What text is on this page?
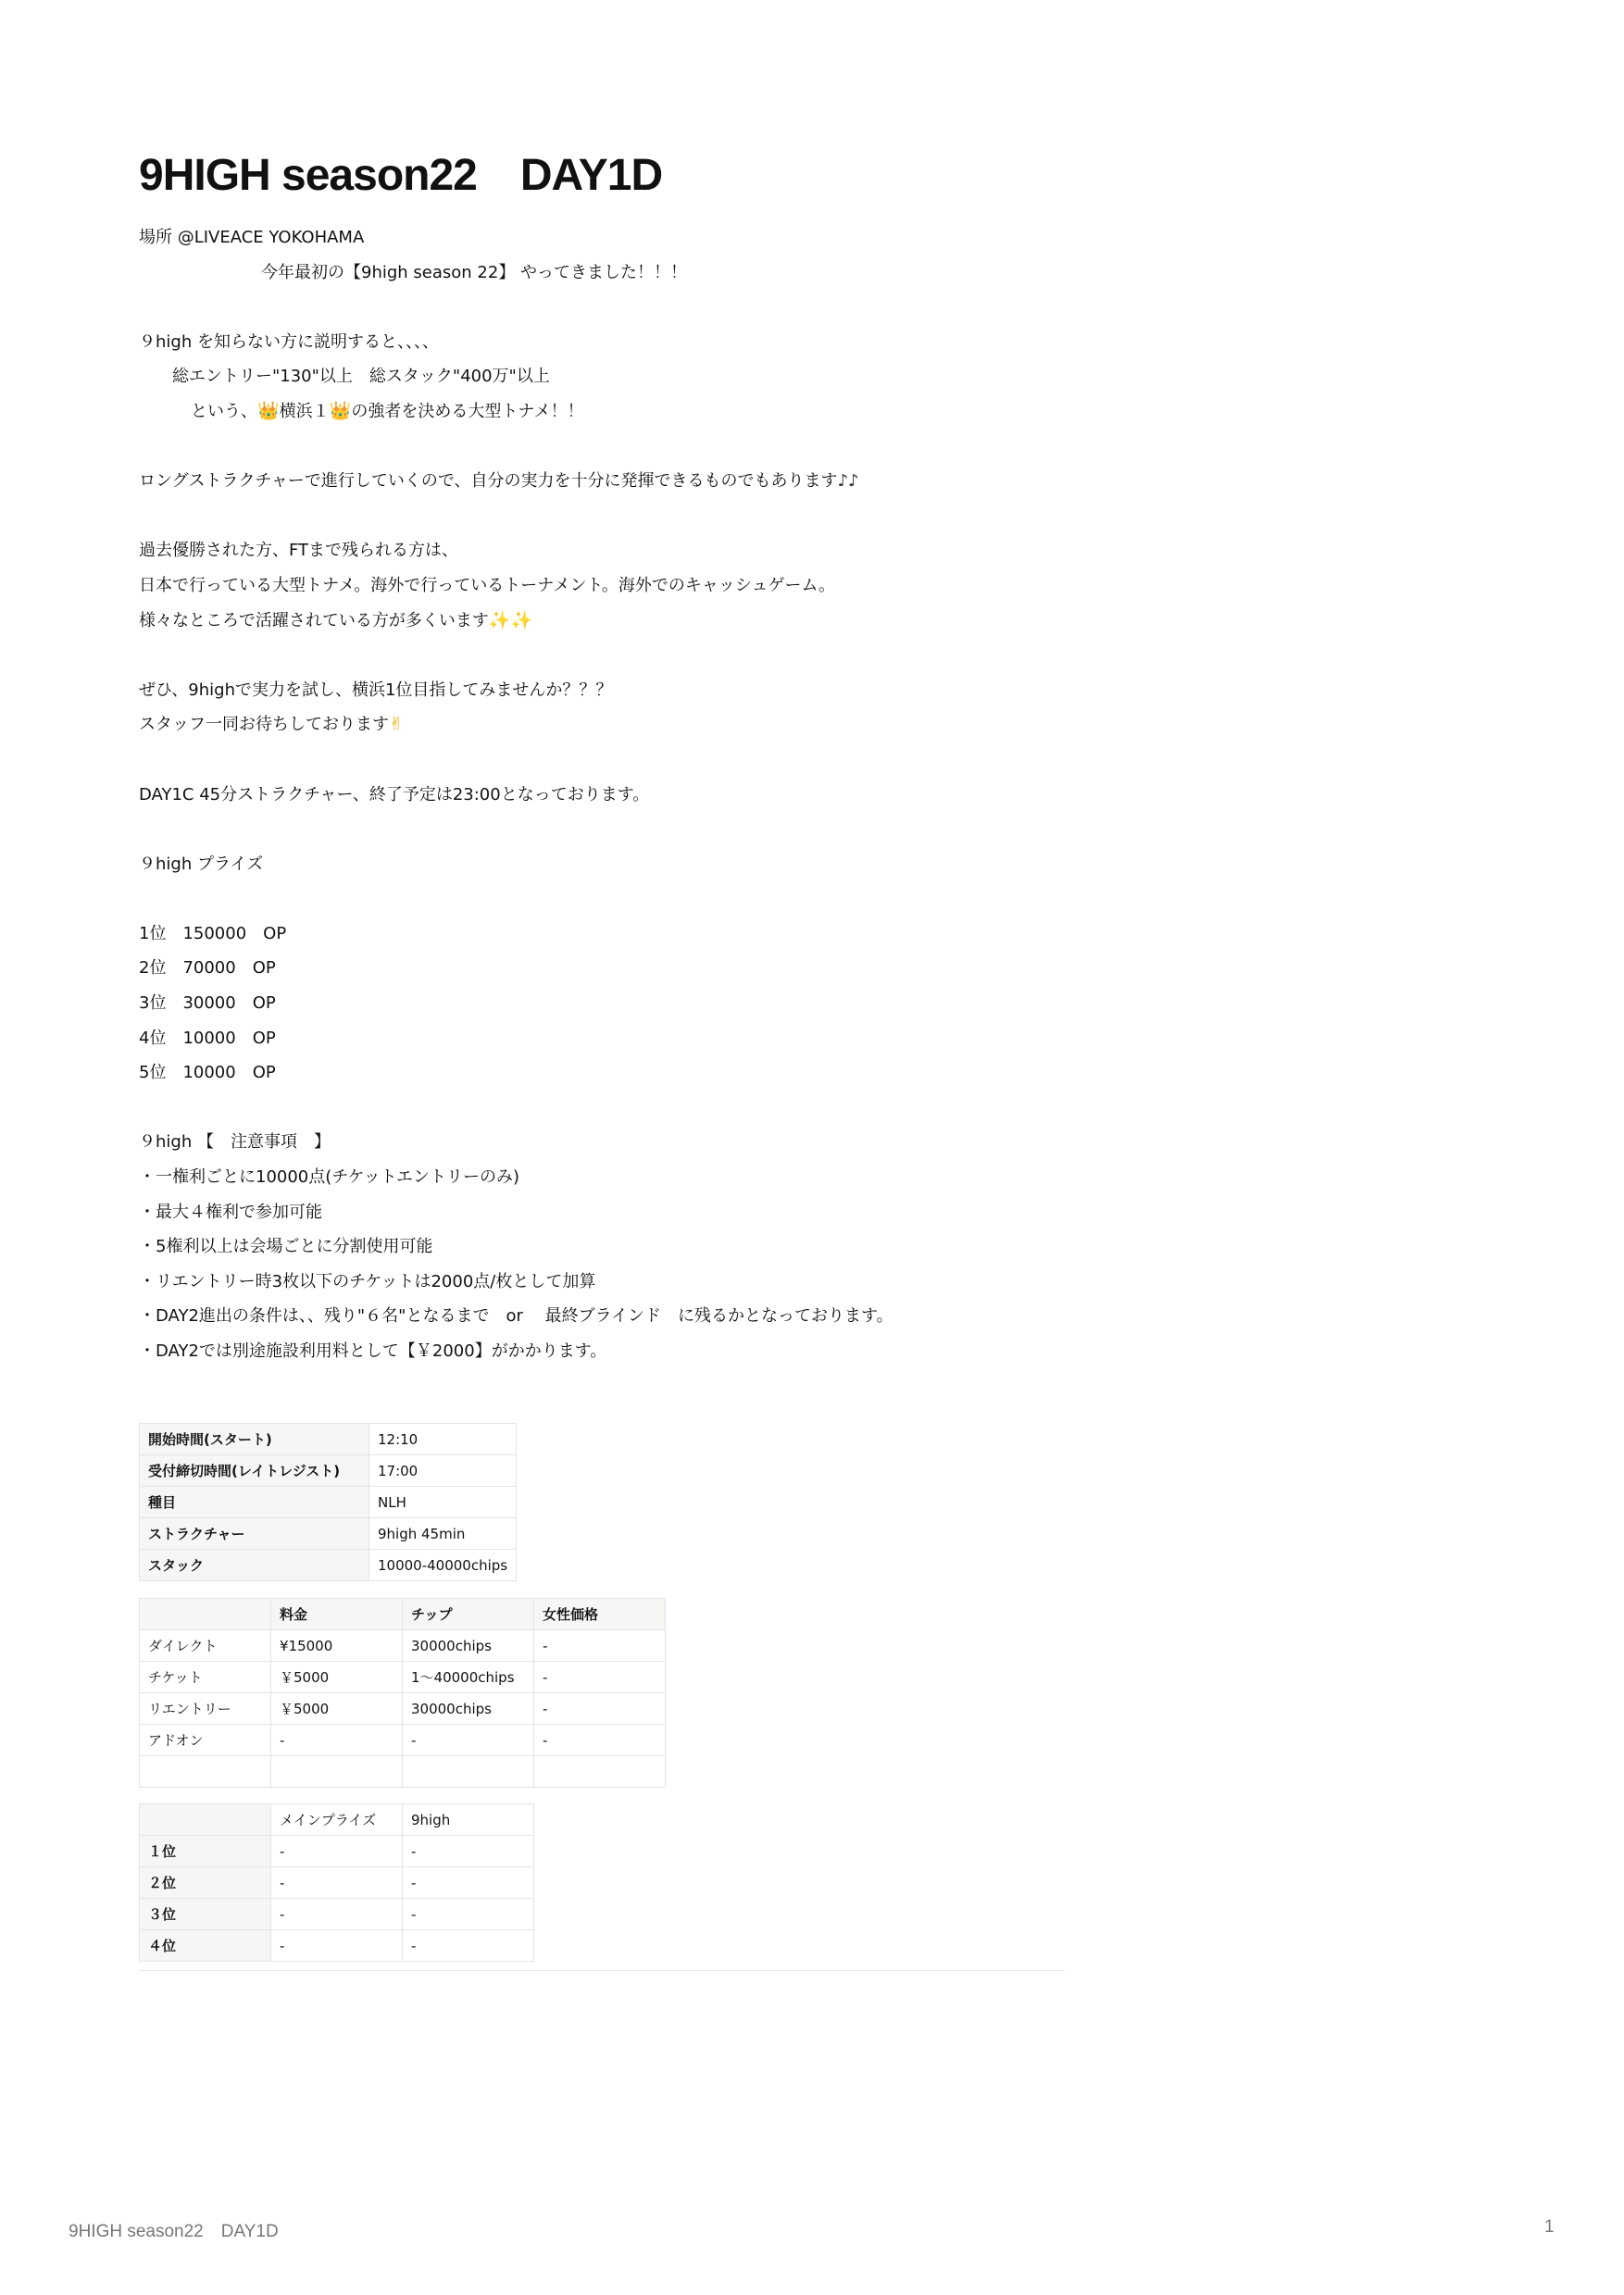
9HIGH season22　DAY1D
場所 @LIVEACE YOKOHAMA
今年最初の【9high season 22】 やってきました！！！
９high を知らない方に説明すると、、、、
総エントリー"130"以上　総スタック"400万"以上
という、👑横浜１👑の強者を決める大型トナメ！！
ロングストラクチャーで進行していくので、自分の実力を十分に発揮できるものでもあります♪♪
過去優勝された方、FTまで残られる方は、
日本で行っている大型トナメ。海外で行っているトーナメント。海外でのキャッシュゲーム。
様々なところで活躍されている方が多くいます✨✨
ぜひ、9highで実力を試し、横浜1位目指してみませんか？？？
スタッフ一同お待ちしております✌
DAY1C 45分ストラクチャー、終了予定は23:00となっております。
９high プライズ
1位　150000　OP
2位　70000　OP
3位　30000　OP
4位　10000　OP
5位　10000　OP
９high 【　注意事項　】
・一権利ごとに10000点(チケットエントリーのみ)
・最大４権利で参加可能
・5権利以上は会場ごとに分割使用可能
・リエントリー時3枚以下のチケットは2000点/枚として加算
・DAY2進出の条件は、、残り"６名"となるまで　or　 最終ブラインド　に残るかとなっております。
・DAY2では別途施設利用料として【￥2000】がかかります。
開始時間(スタート)	12:10
受付締切時間(レイトレジスト)	17:00
種目	NLH
ストラクチャー	9high 45min
スタック	10000-40000chips
	料金	チップ	女性価格
ダイレクト	¥15000	30000chips	-
チケット	￥5000	1〜40000chips	-
リエントリー	￥5000	30000chips	-
アドオン	-	-	-

	メインプライズ	9high
１位	-	-
２位	-	-
３位	-	-
４位	-	-
9HIGH season22　DAY1D	1
